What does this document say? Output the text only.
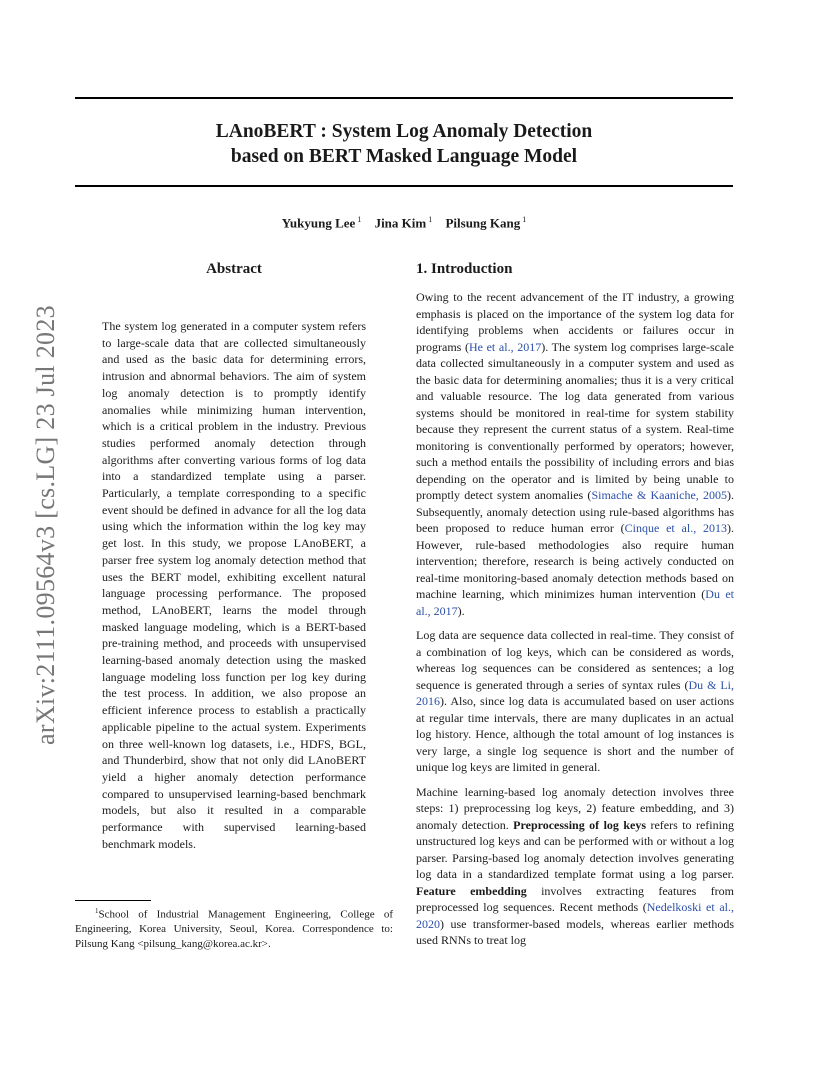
arXiv:2111.09564v3 [cs.LG] 23 Jul 2023
LAnoBERT : System Log Anomaly Detection
based on BERT Masked Language Model
Yukyung Lee $^1$ Jina Kim $^1$ Pilsung Kang $^1$
Abstract

The system log generated in a computer system refers to large-scale data that are collected simultaneously and used as the basic data for determining errors, intrusion and abnormal behaviors. The aim of system log anomaly detection is to promptly identify anomalies while minimizing human intervention, which is a critical problem in the industry. Previous studies performed anomaly detection through algorithms after converting various forms of log data into a standardized template using a parser. Particularly, a template corresponding to a specific event should be defined in advance for all the log data using which the information within the log key may get lost. In this study, we propose LAnoBERT, a parser free system log anomaly detection method that uses the BERT model, exhibiting excellent natural language processing performance. The proposed method, LAnoBERT, learns the model through masked language modeling, which is a BERT-based pre-training method, and proceeds with unsupervised learning-based anomaly detection using the masked language modeling loss function per log key during the test process. In addition, we also propose an efficient inference process to establish a practically applicable pipeline to the actual system. Experiments on three well-known log datasets, i.e., HDFS, BGL, and Thunderbird, show that not only did LAnoBERT yield a higher anomaly detection performance compared to unsupervised learning-based benchmark models, but also it resulted in a comparable performance with supervised learning-based benchmark models.

1. Introduction

Owing to the recent advancement of the IT industry, a growing emphasis is placed on the importance of the system log data for identifying problems when accidents or failures occur in programs (He et al., 2017). The system log comprises large-scale data collected simultaneously in a computer system and used as the basic data for determining anomalies; thus it is a very critical and valuable resource. The log data generated from various systems should be monitored in real-time for system stability because they represent the current status of a system. Real-time monitoring is conventionally performed by operators; however, such a method entails the possibility of including errors and bias depending on the operator and is limited by being unable to promptly detect system anomalies (Simache & Kaaniche, 2005). Subsequently, anomaly detection using rule-based algorithms has been proposed to reduce human error (Cinque et al., 2013). However, rule-based methodologies also require human intervention; therefore, research is being actively conducted on real-time monitoring-based anomaly detection methods based on machine learning, which minimizes human intervention (Du et al., 2017).

Log data are sequence data collected in real-time. They consist of a combination of log keys, which can be considered as words, whereas log sequences can be considered as sentences; a log sequence is generated through a series of syntax rules (Du & Li, 2016). Also, since log data is accumulated based on user actions at regular time intervals, there are many duplicates in an actual log history. Hence, although the total amount of log instances is very large, a single log sequence is short and the number of unique log keys are limited in general.

Machine learning-based log anomaly detection involves three steps: 1) preprocessing log keys, 2) feature embedding, and 3) anomaly detection. Preprocessing of log keys refers to refining unstructured log keys and can be performed with or without a log parser. Parsing-based log anomaly detection involves generating log data in a standardized template format using a log parser. Feature embedding involves extracting features from preprocessed log sequences. Recent methods (Nedelkoski et al., 2020) use transformer-based models, whereas earlier methods used RNNs to treat log

$^1$School of Industrial Management Engineering, College of Engineering, Korea University, Seoul, Korea. Correspondence to: Pilsung Kang <pilsung_kang@korea.ac.kr>.
